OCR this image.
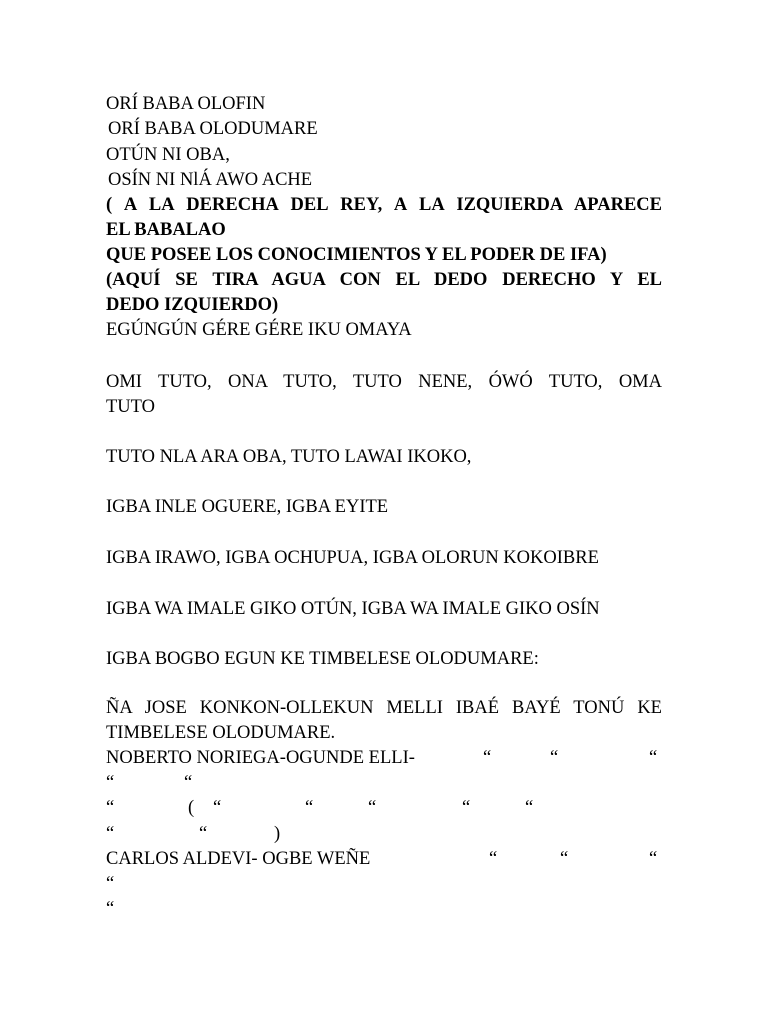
ORÍ BABA OLOFIN
ORÍ BABA OLODUMARE
OTÚN NI OBA,
OSÍN NI NlÁ AWO ACHE
( A LA DERECHA DEL REY, A LA IZQUIERDA APARECE
EL BABALAO
QUE POSEE LOS CONOCIMIENTOS Y EL PODER DE IFA)
(AQUÍ SE TIRA AGUA CON EL DEDO DERECHO Y EL
DEDO IZQUIERDO)
EGÚNGÚN GÉRE GÉRE IKU OMAYA
OMI TUTO, ONA TUTO, TUTO NENE, ÓWÓ TUTO, OMA
TUTO
TUTO NLA ARA OBA, TUTO LAWAI IKOKO,
IGBA INLE OGUERE, IGBA EYITE
IGBA IRAWO, IGBA OCHUPUA, IGBA OLORUN KOKOIBRE
IGBA WA IMALE GIKO OTÚN, IGBA WA IMALE GIKO OSÍN
IGBA BOGBO EGUN KE TIMBELESE OLODUMARE:
ÑA JOSE KONKON-OLLEKUN MELLI IBAÉ BAYÉ TONÚ KE
TIMBELESE OLODUMARE.
NOBERTO NORIEGA-OGUNDE ELLI-	“	“	“
“	“
“	( “	“	“	“	“
“	“	)
CARLOS ALDEVI- OGBE WEÑE	“	“	“
“
“
